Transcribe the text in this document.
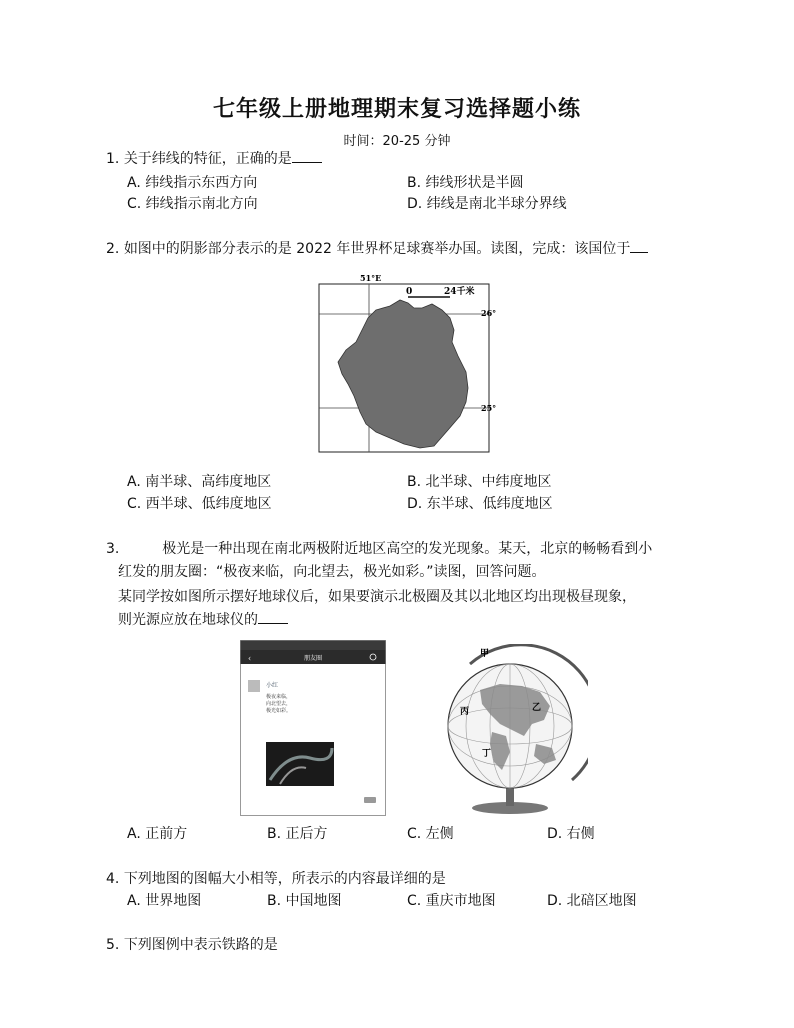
七年级上册地理期末复习选择题小练
时间：20-25 分钟
1. 关于纬线的特征，正确的是
A. 纬线指示东西方向	B. 纬线形状是半圆
C. 纬线指示南北方向	D. 纬线是南北半球分界线
2. 如图中的阴影部分表示的是 2022 年世界杯足球赛举办国。读图，完成：该国位于
51°E
26°
25°
0	24千米
A. 南半球、高纬度地区	B. 北半球、中纬度地区
C. 西半球、低纬度地区	D. 东半球、低纬度地区
3.	极光是一种出现在南北两极附近地区高空的发光现象。某天，北京的畅畅看到小
红发的朋友圈：“极夜来临，向北望去，极光如彩。”读图，回答问题。
某同学按如图所示摆好地球仪后，如果要演示北极圈及其以北地区均出现极昼现象，
则光源应放在地球仪的
‹	朋友圈
小红
极夜来临，
向北望去，
极光如彩。
甲
丙	乙
丁
A. 正前方	B. 正后方	C. 左侧	D. 右侧
4. 下列地图的图幅大小相等，所表示的内容最详细的是
A. 世界地图	B. 中国地图	C. 重庆市地图	D. 北碚区地图
5. 下列图例中表示铁路的是
